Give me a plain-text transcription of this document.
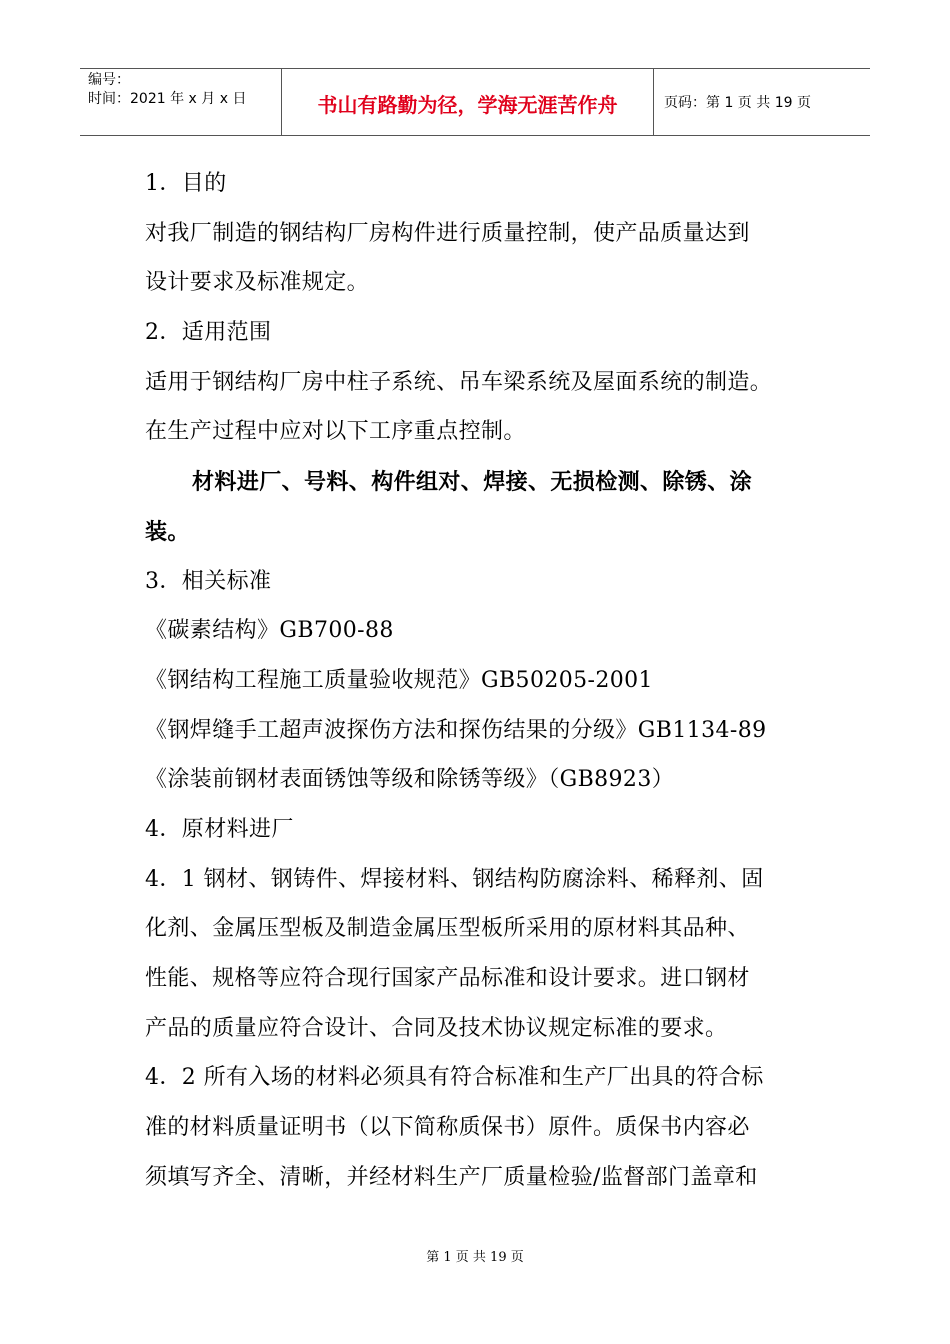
编号：
时间：2021 年 x 月 x 日	书山有路勤为径，学海无涯苦作舟	页码：第 1 页 共 19 页
1．目的
对我厂制造的钢结构厂房构件进行质量控制，使产品质量达到
设计要求及标准规定。
2．适用范围
适用于钢结构厂房中柱子系统、吊车梁系统及屋面系统的制造。
在生产过程中应对以下工序重点控制。
材料进厂、号料、构件组对、焊接、无损检测、除锈、涂
装。
3．相关标准
《碳素结构》GB700-88
《钢结构工程施工质量验收规范》GB50205-2001
《钢焊缝手工超声波探伤方法和探伤结果的分级》GB1134-89
《涂装前钢材表面锈蚀等级和除锈等级》（GB8923）
4．原材料进厂
4．1 钢材、钢铸件、焊接材料、钢结构防腐涂料、稀释剂、固
化剂、金属压型板及制造金属压型板所采用的原材料其品种、
性能、规格等应符合现行国家产品标准和设计要求。进口钢材
产品的质量应符合设计、合同及技术协议规定标准的要求。
4．2 所有入场的材料必须具有符合标准和生产厂出具的符合标
准的材料质量证明书（以下简称质保书）原件。质保书内容必
须填写齐全、清晰，并经材料生产厂质量检验/监督部门盖章和
第 1 页 共 19 页
